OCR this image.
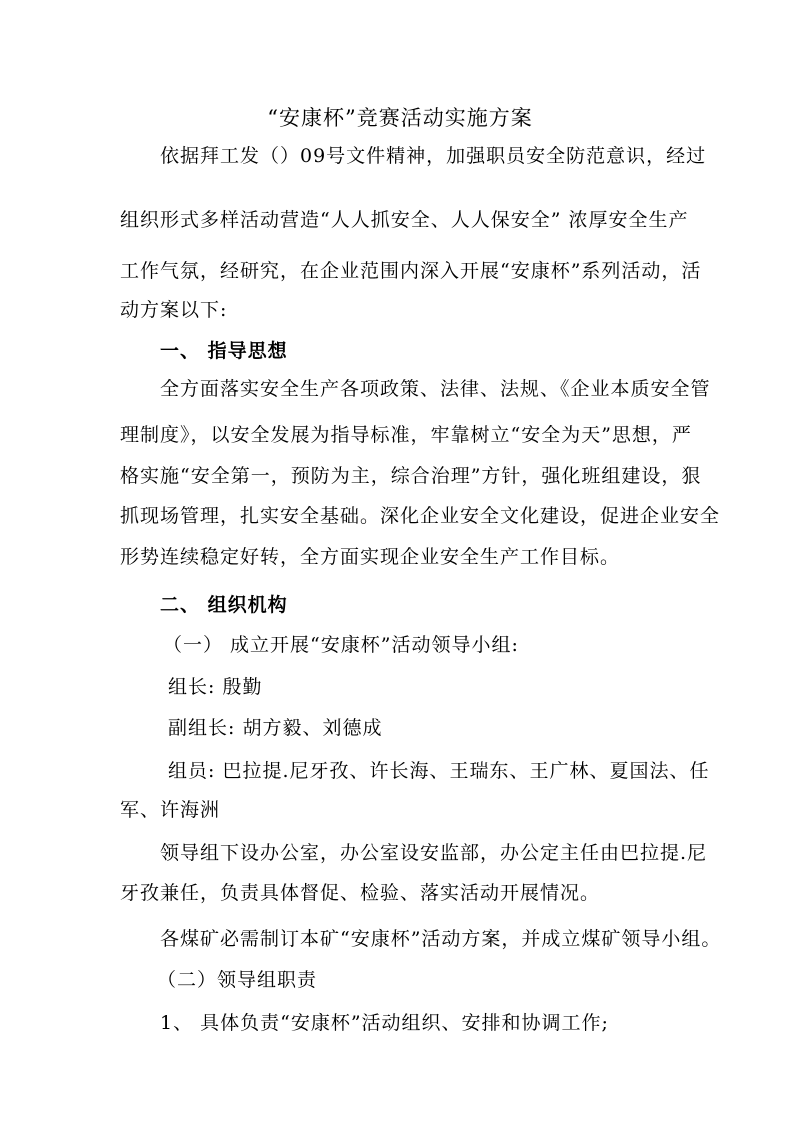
“安康杯”竞赛活动实施方案
依据拜工发（）09号文件精神，加强职员安全防范意识，经过
组织形式多样活动营造“人人抓安全、人人保安全” 浓厚安全生产
工作气氛，经研究，在企业范围内深入开展“安康杯”系列活动，活
动方案以下:
一、 指导思想
全方面落实安全生产各项政策、法律、法规、《企业本质安全管
理制度》，以安全发展为指导标准，牢靠树立“安全为天”思想，严
格实施“安全第一，预防为主，综合治理”方针，强化班组建设，狠
抓现场管理，扎实安全基础。深化企业安全文化建设，促进企业安全
形势连续稳定好转，全方面实现企业安全生产工作目标。
二、 组织机构
（一） 成立开展“安康杯”活动领导小组:
组长: 殷勤
副组长: 胡方毅、刘德成
组员: 巴拉提.尼牙孜、许长海、王瑞东、王广林、夏国法、任
军、许海洲
领导组下设办公室，办公室设安监部，办公定主任由巴拉提.尼
牙孜兼任，负责具体督促、检验、落实活动开展情况。
各煤矿必需制订本矿“安康杯”活动方案，并成立煤矿领导小组。
（二）领导组职责
1、 具体负责“安康杯”活动组织、安排和协调工作;
